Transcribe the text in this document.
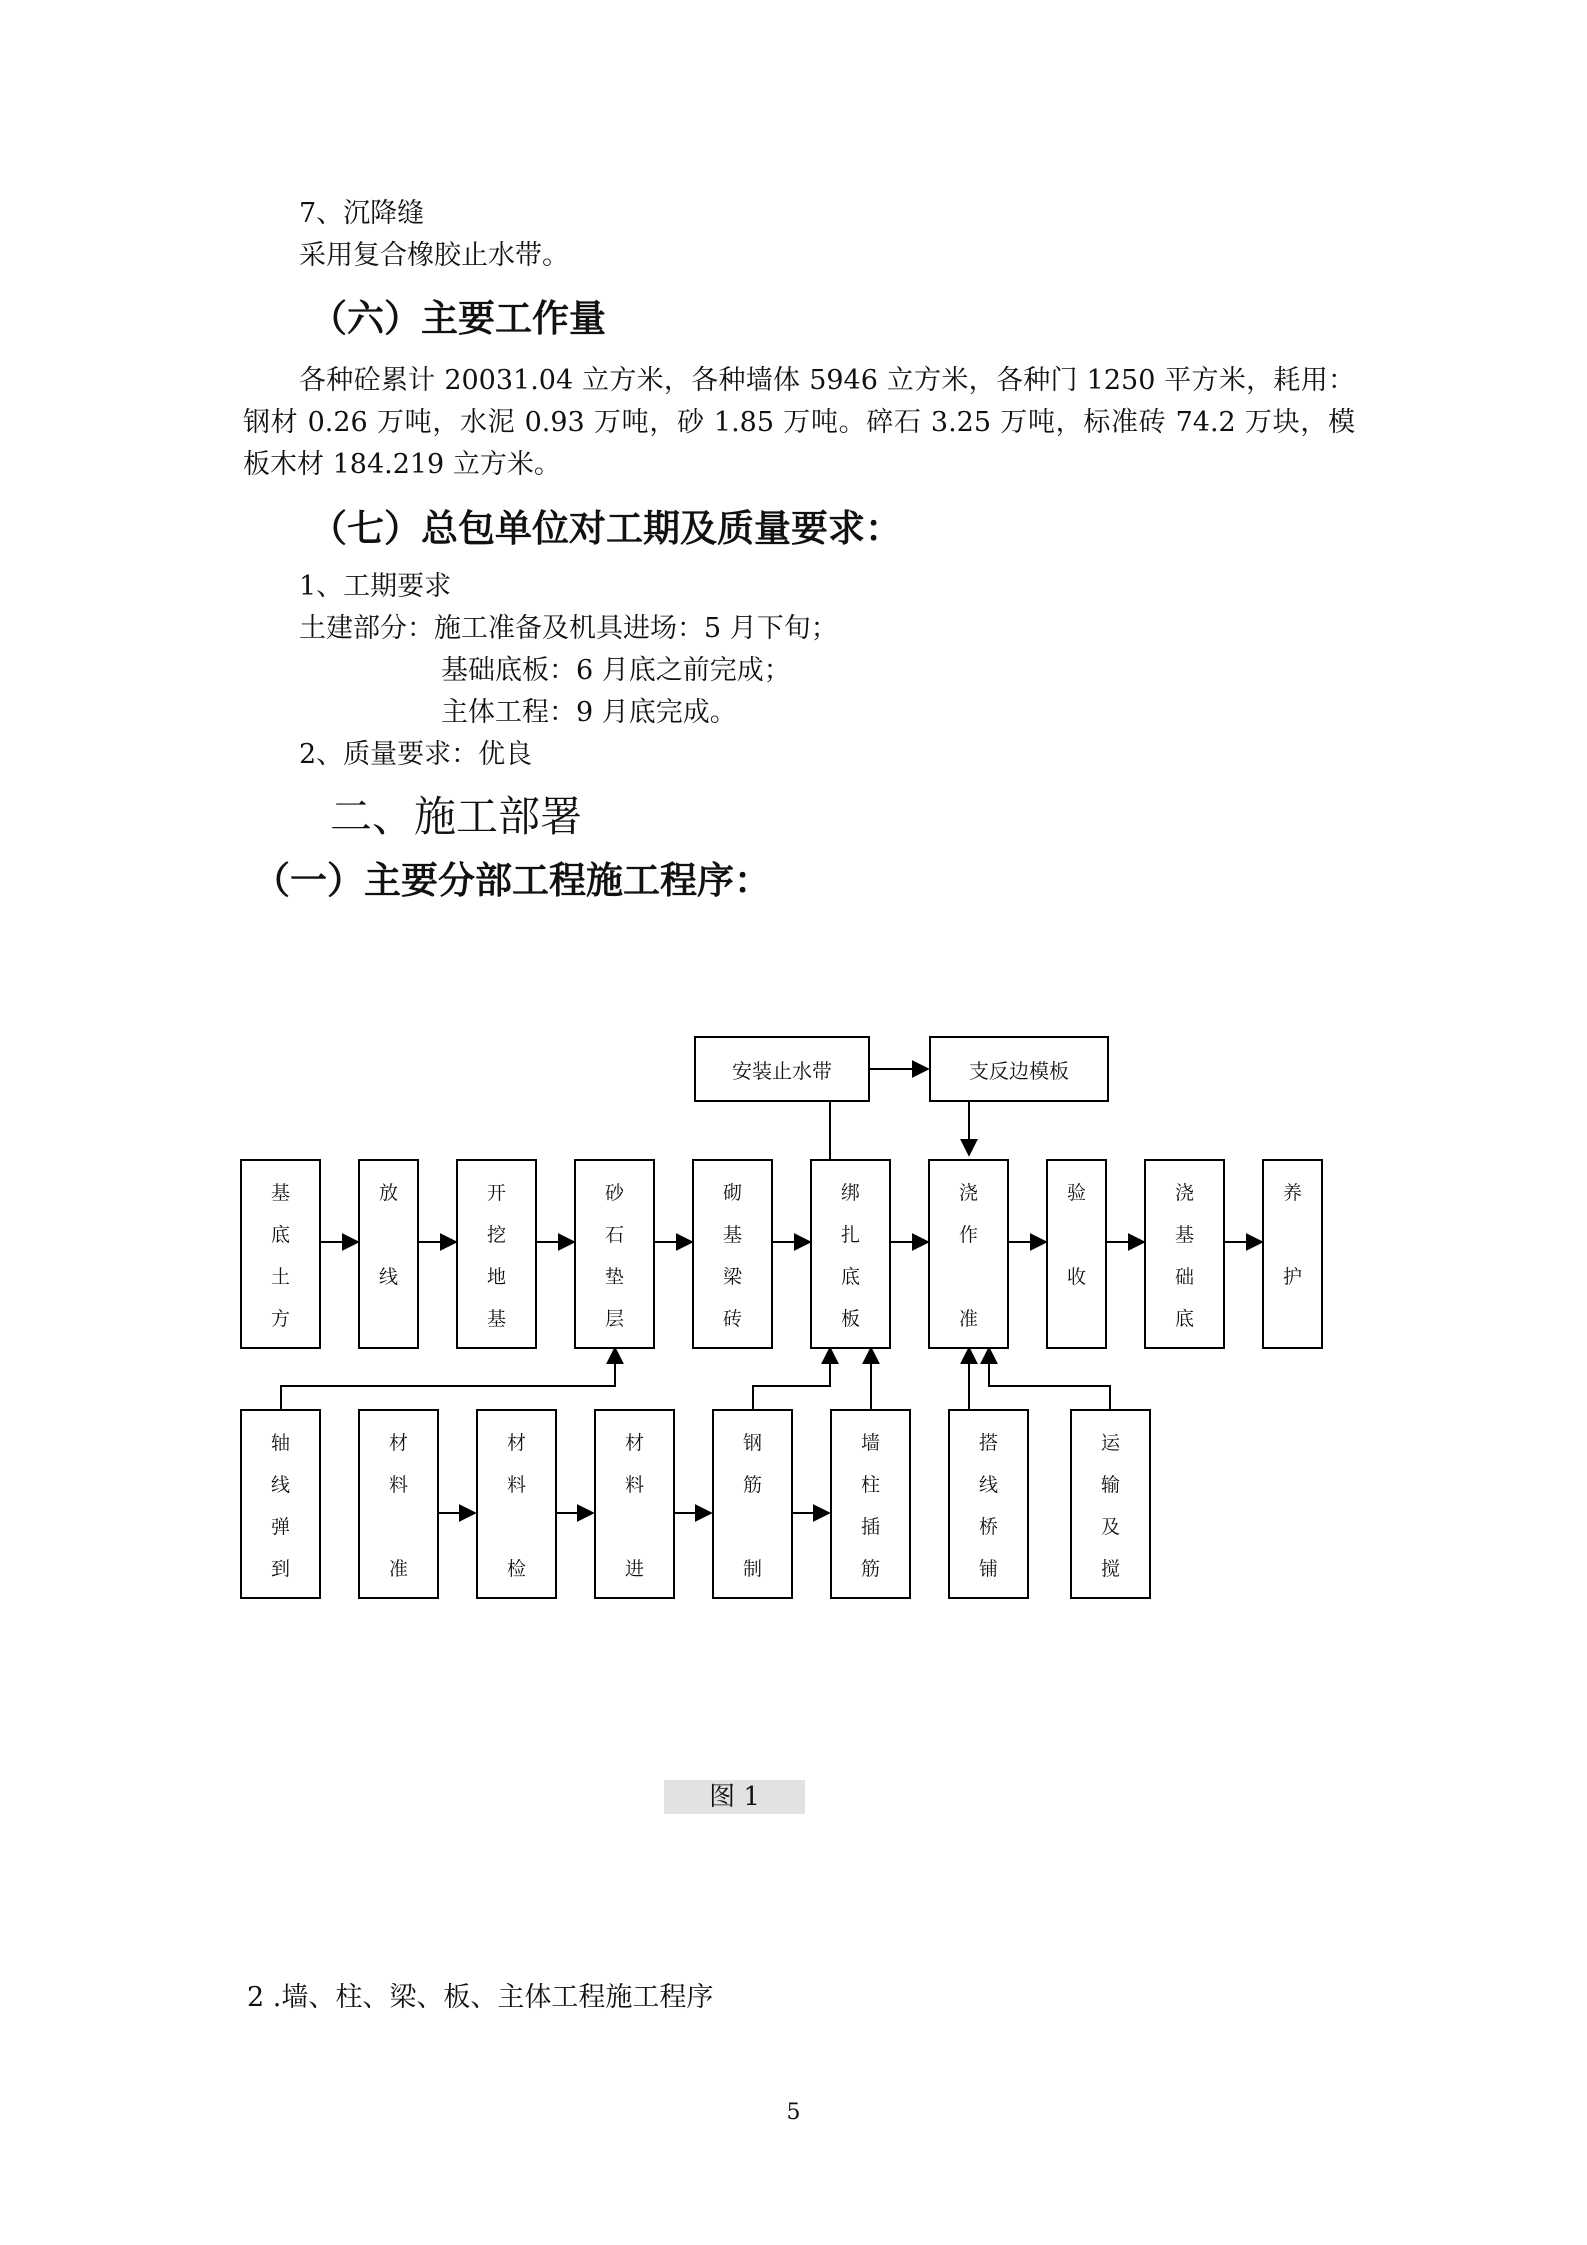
7、沉降缝
采用复合橡胶止水带。
（六）主要工作量
各种砼累计 20031.04 立方米，各种墙体 5946 立方米，各种门 1250 平方米，耗用：钢材 0.26 万吨，水泥 0.93 万吨，砂 1.85 万吨。碎石 3.25 万吨，标准砖 74.2 万块，模板木材 184.219 立方米。
（七）总包单位对工期及质量要求：
1、工期要求
土建部分：施工准备及机具进场：5 月下旬；
基础底板：6 月底之前完成；
主体工程：9 月底完成。
2、质量要求：优良
二、施工部署
（一）主要分部工程施工程序：
安装止水带	支反边模板
基
底
土
方
放
线
开
挖
地
基
砂
石
垫
层
砌
基
梁
砖
绑
扎
底
板
浇
作
准
验
收
浇
基
础
底
养
护
轴
线
弹
到
材
料
准
材
料
检
材
料
进
钢
筋
制
墙
柱
插
筋
搭
线
桥
铺
运
输
及
搅
图 1
2 .墙、柱、梁、板、主体工程施工程序
5
